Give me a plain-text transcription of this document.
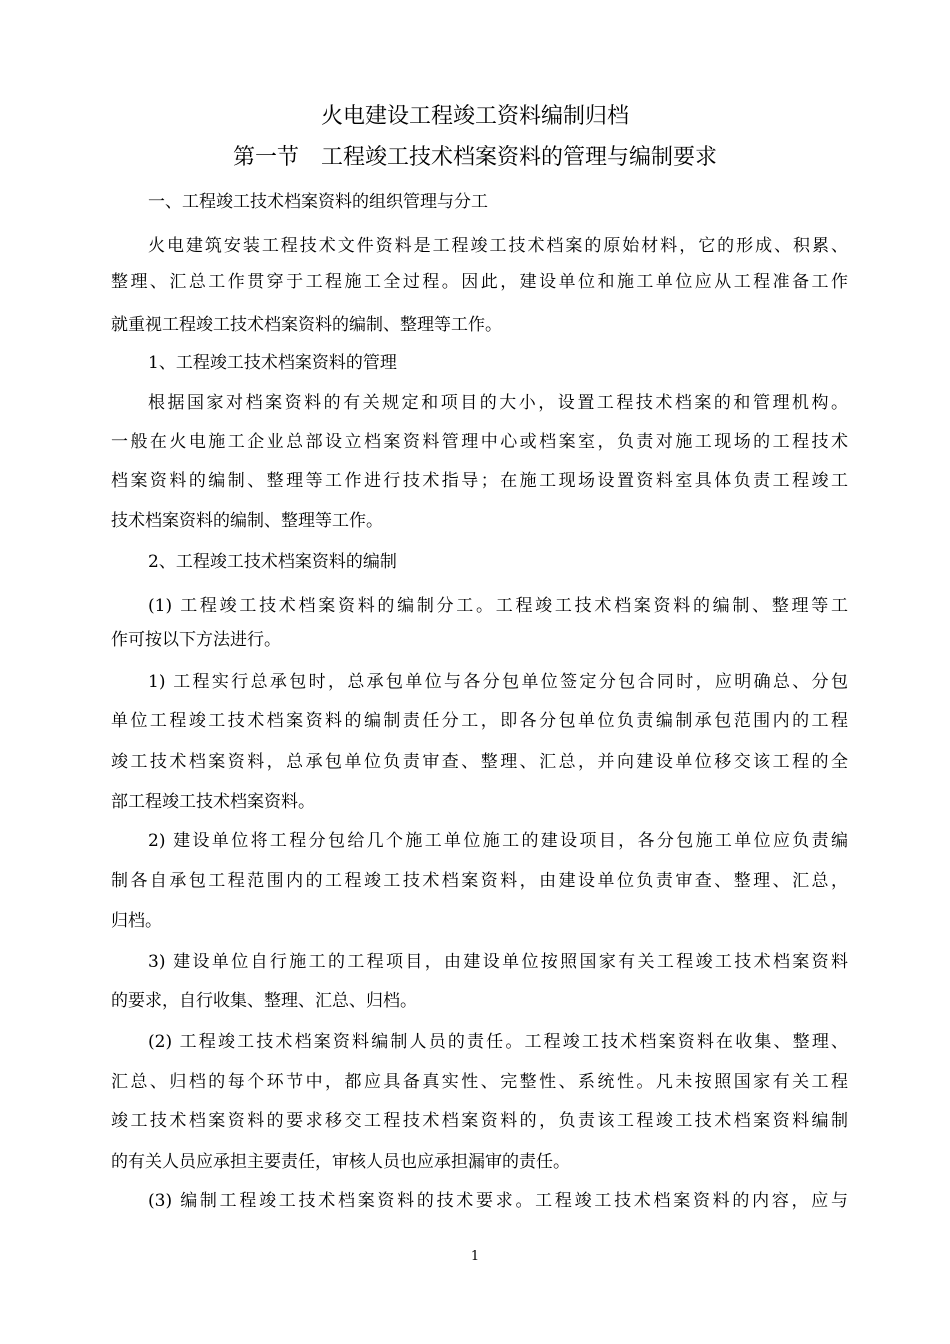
火电建设工程竣工资料编制归档
第一节　工程竣工技术档案资料的管理与编制要求
一、工程竣工技术档案资料的组织管理与分工
火电建筑安装工程技术文件资料是工程竣工技术档案的原始材料，它的形成、积累、
整理、汇总工作贯穿于工程施工全过程。因此，建设单位和施工单位应从工程准备工作
就重视工程竣工技术档案资料的编制、整理等工作。
1、工程竣工技术档案资料的管理
根据国家对档案资料的有关规定和项目的大小，设置工程技术档案的和管理机构。
一般在火电施工企业总部设立档案资料管理中心或档案室，负责对施工现场的工程技术
档案资料的编制、整理等工作进行技术指导；在施工现场设置资料室具体负责工程竣工
技术档案资料的编制、整理等工作。
2、工程竣工技术档案资料的编制
(1) 工程竣工技术档案资料的编制分工。工程竣工技术档案资料的编制、整理等工
作可按以下方法进行。
1) 工程实行总承包时，总承包单位与各分包单位签定分包合同时，应明确总、分包
单位工程竣工技术档案资料的编制责任分工，即各分包单位负责编制承包范围内的工程
竣工技术档案资料，总承包单位负责审查、整理、汇总，并向建设单位移交该工程的全
部工程竣工技术档案资料。
2) 建设单位将工程分包给几个施工单位施工的建设项目，各分包施工单位应负责编
制各自承包工程范围内的工程竣工技术档案资料，由建设单位负责审查、整理、汇总，
归档。
3) 建设单位自行施工的工程项目，由建设单位按照国家有关工程竣工技术档案资料
的要求，自行收集、整理、汇总、归档。
(2) 工程竣工技术档案资料编制人员的责任。工程竣工技术档案资料在收集、整理、
汇总、归档的每个环节中，都应具备真实性、完整性、系统性。凡未按照国家有关工程
竣工技术档案资料的要求移交工程技术档案资料的，负责该工程竣工技术档案资料编制
的有关人员应承担主要责任，审核人员也应承担漏审的责任。
(3) 编制工程竣工技术档案资料的技术要求。工程竣工技术档案资料的内容，应与
1
